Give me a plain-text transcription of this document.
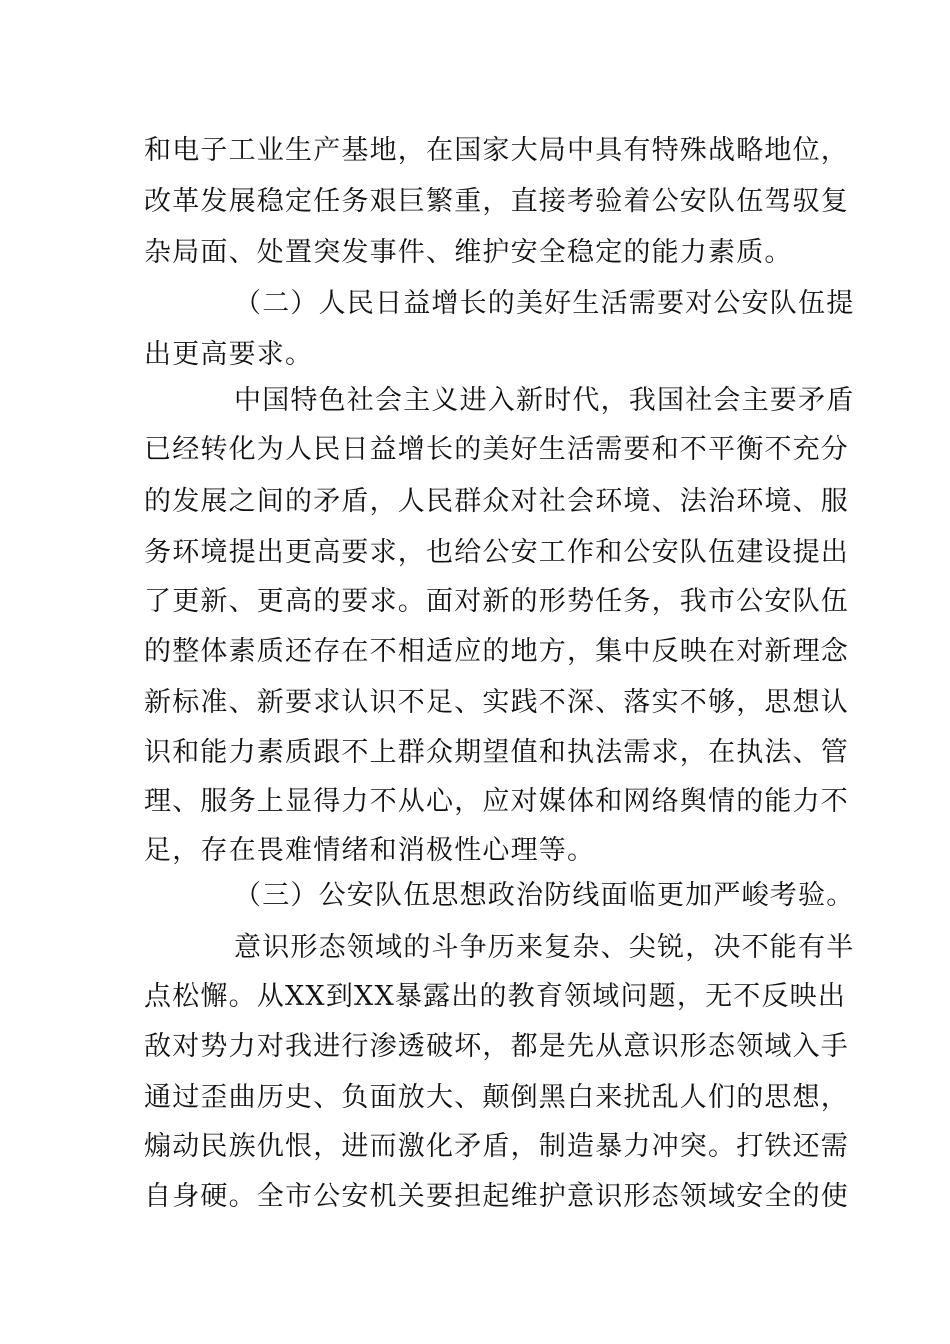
和电子工业生产基地，在国家大局中具有特殊战略地位，
改革发展稳定任务艰巨繁重，直接考验着公安队伍驾驭复
杂局面、处置突发事件、维护安全稳定的能力素质。
（二）人民日益增长的美好生活需要对公安队伍提
出更高要求。
中国特色社会主义进入新时代，我国社会主要矛盾
已经转化为人民日益增长的美好生活需要和不平衡不充分
的发展之间的矛盾，人民群众对社会环境、法治环境、服
务环境提出更高要求，也给公安工作和公安队伍建设提出
了更新、更高的要求。面对新的形势任务，我市公安队伍
的整体素质还存在不相适应的地方，集中反映在对新理念
新标准、新要求认识不足、实践不深、落实不够，思想认
识和能力素质跟不上群众期望值和执法需求，在执法、管
理、服务上显得力不从心，应对媒体和网络舆情的能力不
足，存在畏难情绪和消极性心理等。
（三）公安队伍思想政治防线面临更加严峻考验。
意识形态领域的斗争历来复杂、尖锐，决不能有半
点松懈。从XX到XX暴露出的教育领域问题，无不反映出
敌对势力对我进行渗透破坏，都是先从意识形态领域入手
通过歪曲历史、负面放大、颠倒黑白来扰乱人们的思想，
煽动民族仇恨，进而激化矛盾，制造暴力冲突。打铁还需
自身硬。全市公安机关要担起维护意识形态领域安全的使
